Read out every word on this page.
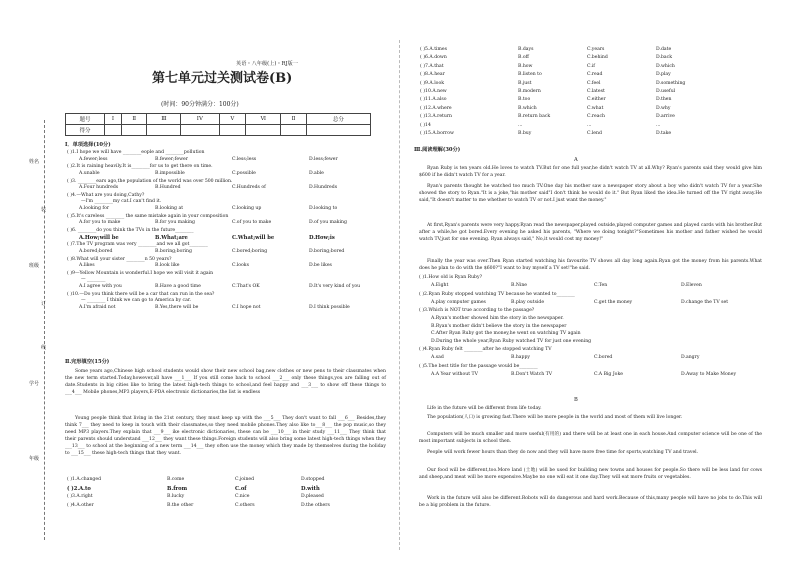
姓名
装
班级
订
线
学号
年级
英语・八年级(上)・RJ版一
第七单元过关测试卷(B)
(时间：90分钟满分：100分)
题号	I	Ⅱ	Ⅲ	IV	V	Ⅵ	Ⅱ	总分
得分								
I．单项选择(10分)
( )1.I hope we will have ________eople and ________pollution
A.fewer;less	B.fewer;fewer	C.less;less	D.less;fewer
( )2.It is raining heavily.It is________for us to get there on time.
A.unable	B.impossible	C.possible	D.able
( )3. ________ears ago,the population of the world was over 500 million.
A.Four hundreds	B.Hundred	C.Hundreds of	D.Hundreds
( )4.—What are you doing,Cathy?
—I'm ________my cat.I can't find it.
A.looking for	B.looking at	C.looking up	D.looking to
( )5.It's careless ________ the same mistake again in your composition
A.for you to make	B.for you making	C.of you to make	D.of you making
( )6. ________do you think the TVs in the future________
A.How;will be	B.What;are	C.What;will be	D.How;is
( )7.The TV program was very ________and we all got________
A.bored;bored	B.boring;boring	C.bored;boring	D.boring;bored
( )8.What will your sister ________n 50 years?
A.likes	B.look like	C.looks	D.be likes
( )9—Yellow Mountain is wonderful.I hope we will visit it again
— ________
A.I agree with you	B.Have a good time	C.That's OK	D.It's very kind of you
( )10.—Do you think there will be a car that can run in the sea?
— ________ I think we can go to America by car.
A.I'm afraid not	B.Yes,there will be	C.I hope not	D.I think possible
Ⅱ.完形填空(15分)
Some years ago,Chinese high school students would show their new school bag,new clothes or new pens to their classmates when the new term started.Today,however,all have ___1___ If you still come back to school ___2___ only these things,you are falling out of date.Students in big cities like to bring the latest high-tech things to school,and feel happy and ___3___ to show off these things to ___4___ Mobile phones,MP3 players,E-PDA electronic dictionaries,the list is endless
Young people think that living in the 21st century, they must keep up with the ___5___ They don't want to fall ___6___ Besides,they think 7___ they need to keep in touch with their classmates,so they need mobile phones.They also like to___8___ the pop music,so they need MP3 players.They explain that ___9___ ike electronic dictionaries, these can be ___10___ in their study ___11___ They think that their parents should understand ___12___ they want these things.Foreign students will also bring some latest high-tech things when they ___13___ to school at the beginning of a new term ___14___ they often use the money which they made by themselves during the holiday to ___15___ these high-tech things that they want.
( )1.A.changed	B.come	C.joined	D.stopped
( )2.A.to	B.from	C.of	D.with
( )3.A.right	B.lucky	C.nice	D.pleased
( )4.A.other	B.the other	C.others	D.the others
( )5.A.times	B.days	C.years	D.date
( )6.A.down	B.off	C.behind	D.back
( )7.A.that	B.how	C.if	D.which
( )8.A.hear	B.listen to	C.read	D.play
( )9.A.look	B.just	C.feel	D.something
( )10.A.new	B.modern	C.latest	D.useful
( )11.A.also	B.too	C.either	D.then
( )12.A.where	B.which	C.what	D.why
( )13.A.return	B.return back	C.reach	D.arrive
( )14	...	...	...
( )15.A.borrow	B.buy	C.lend	D.take
Ⅲ.阅读理解(30分)
A
Ryan Ruby is ten years old.He loves to watch TV.But for one full year,he didn't watch TV at all.Why? Ryan's parents said they would give him $600 if he didn't watch TV for a year.
Ryan's parents thought he watched too much TV.One day his mother saw a newspaper story about a boy who didn't watch TV for a year.She showed the story to Ryan."It is a joke,"his mother said"I don't think he would do it." But Ryan liked the idea.He turned off the TV right away.He said,"It doesn't matter to me whether to watch TV or not.I just want the money."
At first,Ryan's parents were very happy.Ryan read the newspaper,played outside,played computer games and played cards with his brother.But after a while,he got bored.Every evening he asked his parents, "Where we doing tonight?"Sometimes his mother and father wished he would watch TV,just for one evening. Ryan always said," No,it would cost my money!"
Finally the year was over.Then Ryan started watching his favourite TV shows all day long again.Ryan got the money from his parents.What does he plan to do with the $600?"I want to buy myself a TV set!"he said.
( )1.How old is Ryan Ruby?
A.Eight	B.Nine	C.Ten	D.Eleven
( )2.Ryan Ruby stopped watching TV because he wanted to________
A.play computer games	B.play outside	C.get the money	D.change the TV set
( )3.Which is NOT true according to the passage?
A.Ryan's mother showed him the story in the newspaper.
B.Ryan's mother didn't believe the story in the newspaper
C.After Ryan Ruby got the money,he went on watching TV again
D.During the whole year,Ryan Ruby watched TV for just one evening
( )4.Ryan Ruby felt ________after he stopped watching TV
A.sad	B.happy	C.bored	D.angry
( )5.The best title for the passage would be________
A.A Year without TV	B.Don't Watch TV	C.A Big Joke	D.Away to Make Money
B
Life in the future will be different from life today.
The population(人口) is growing fast.There will be more people in the world and most of them will live longer.
Computers will be much smaller and more useful(有用的) and there will be at least one in each house.And computer science will be one of the most important subjects in school then.
People will work fewer hours than they do now and they will have more free time for sports,watching TV and travel.
Our food will be different,too.More land (土地) will be used for building new towns and houses for people.So there will be less land for cows and sheep,and meat will be more expensive.Maybe no one will eat it one day.They will eat more fruits or vegetables.
Work in the future will also be different.Robots will do dangerous and hard work.Because of this,many people will have no jobs to do.This will be a big problem in the future.
